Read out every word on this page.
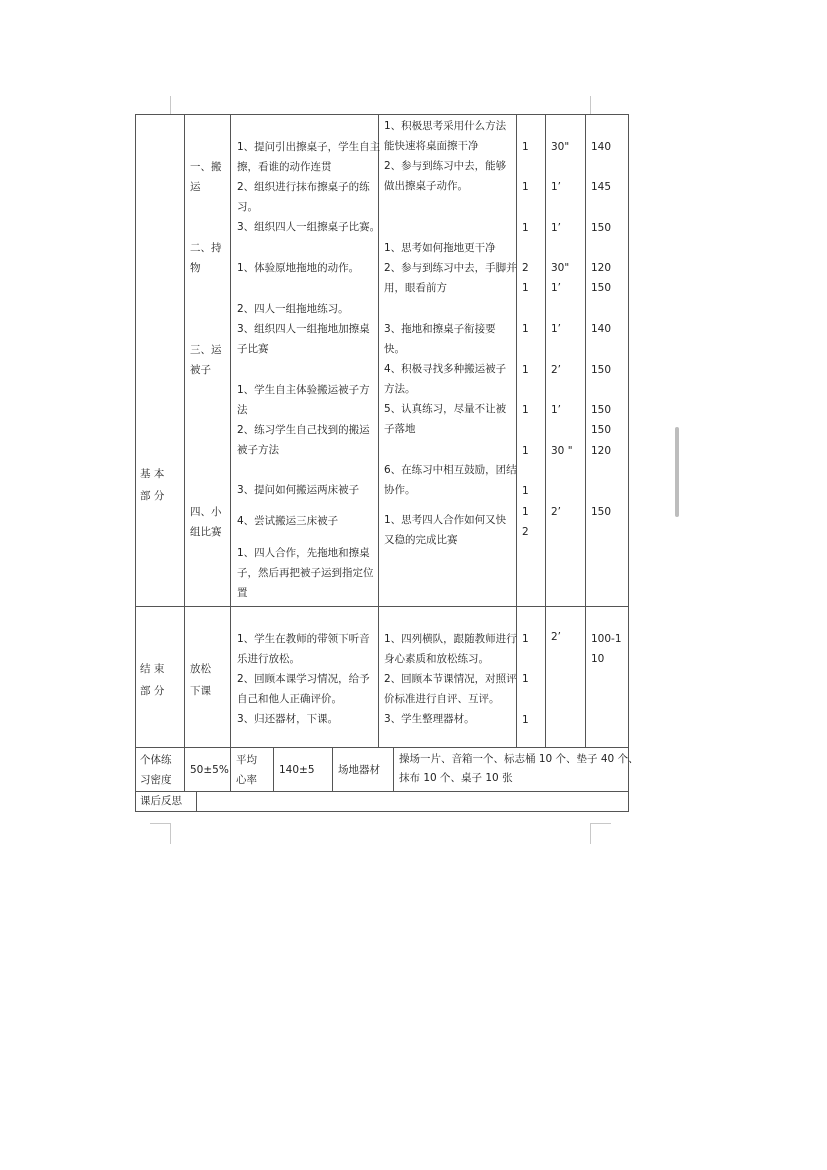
基 本
部 分
结 束
部 分
一、搬
运
二、持
物
三、运
被子
四、小
组比赛
放松
下课
1、提问引出擦桌子，学生自主
擦，看谁的动作连贯
2、组织进行抹布擦桌子的练
习。
3、组织四人一组擦桌子比赛。
1、体验原地拖地的动作。
2、四人一组拖地练习。
3、组织四人一组拖地加擦桌
子比赛
1、学生自主体验搬运被子方
法
2、练习学生自己找到的搬运
被子方法
3、提问如何搬运两床被子
4、尝试搬运三床被子
1、四人合作，先拖地和擦桌
子，然后再把被子运到指定位
置
1、学生在教师的带领下听音
乐进行放松。
2、回顾本课学习情况，给予
自己和他人正确评价。
3、归还器材，下课。
1、积极思考采用什么方法
能快速将桌面擦干净
2、参与到练习中去，能够
做出擦桌子动作。
1、思考如何拖地更干净
2、参与到练习中去，手脚并
用，眼看前方
3、拖地和擦桌子衔接要
快。
4、积极寻找多种搬运被子
方法。
5、认真练习，尽量不让被
子落地
6、在练习中相互鼓励，团结
协作。
1、思考四人合作如何又快
又稳的完成比赛
1、四列横队，跟随教师进行
身心素质和放松练习。
2、回顾本节课情况，对照评
价标准进行自评、互评。
3、学生整理器材。
1
1
1
2
1
1
1
1
1
1
1
2
1
1
1
30"
1’
1’
30"
1’
1’
2’
1’
30 "
2’
2’
140
145
150
120
150
140
150
150
150
120
150
100-1
10
个体练
习密度
50±5%
平均
心率
140±5 场地器材
操场一片、音箱一个、标志桶 10 个、垫子 40 个、
抹布 10 个、桌子 10 张
课后反思
